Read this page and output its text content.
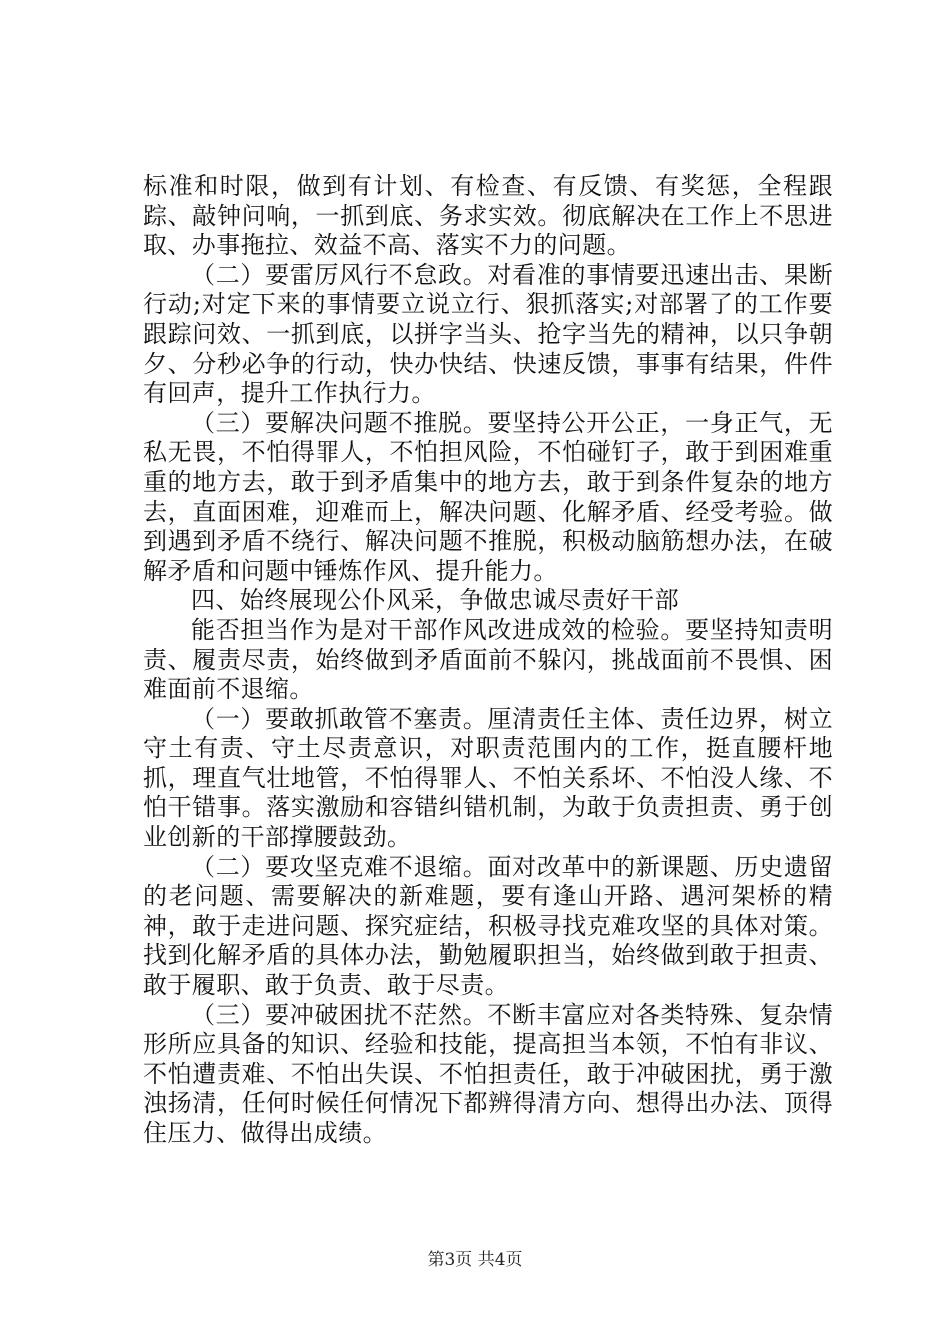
标准和时限，做到有计划、有检查、有反馈、有奖惩，全程跟踪、敲钟问响，一抓到底、务求实效。彻底解决在工作上不思进取、办事拖拉、效益不高、落实不力的问题。

（二）要雷厉风行不怠政。对看准的事情要迅速出击、果断行动;对定下来的事情要立说立行、狠抓落实;对部署了的工作要跟踪问效、一抓到底，以拼字当头、抢字当先的精神，以只争朝夕、分秒必争的行动，快办快结、快速反馈，事事有结果，件件有回声，提升工作执行力。

（三）要解决问题不推脱。要坚持公开公正，一身正气，无私无畏，不怕得罪人，不怕担风险，不怕碰钉子，敢于到困难重重的地方去，敢于到矛盾集中的地方去，敢于到条件复杂的地方去，直面困难，迎难而上，解决问题、化解矛盾、经受考验。做到遇到矛盾不绕行、解决问题不推脱，积极动脑筋想办法，在破解矛盾和问题中锤炼作风、提升能力。

四、始终展现公仆风采，争做忠诚尽责好干部

能否担当作为是对干部作风改进成效的检验。要坚持知责明责、履责尽责，始终做到矛盾面前不躲闪，挑战面前不畏惧、困难面前不退缩。

（一）要敢抓敢管不塞责。厘清责任主体、责任边界，树立守土有责、守土尽责意识，对职责范围内的工作，挺直腰杆地抓，理直气壮地管，不怕得罪人、不怕关系坏、不怕没人缘、不怕干错事。落实激励和容错纠错机制，为敢于负责担责、勇于创业创新的干部撑腰鼓劲。

（二）要攻坚克难不退缩。面对改革中的新课题、历史遗留的老问题、需要解决的新难题，要有逢山开路、遇河架桥的精神，敢于走进问题、探究症结，积极寻找克难攻坚的具体对策。找到化解矛盾的具体办法，勤勉履职担当，始终做到敢于担责、敢于履职、敢于负责、敢于尽责。

（三）要冲破困扰不茫然。不断丰富应对各类特殊、复杂情形所应具备的知识、经验和技能，提高担当本领，不怕有非议、不怕遭责难、不怕出失误、不怕担责任，敢于冲破困扰，勇于激浊扬清，任何时候任何情况下都辨得清方向、想得出办法、顶得住压力、做得出成绩。

第3页 共4页
